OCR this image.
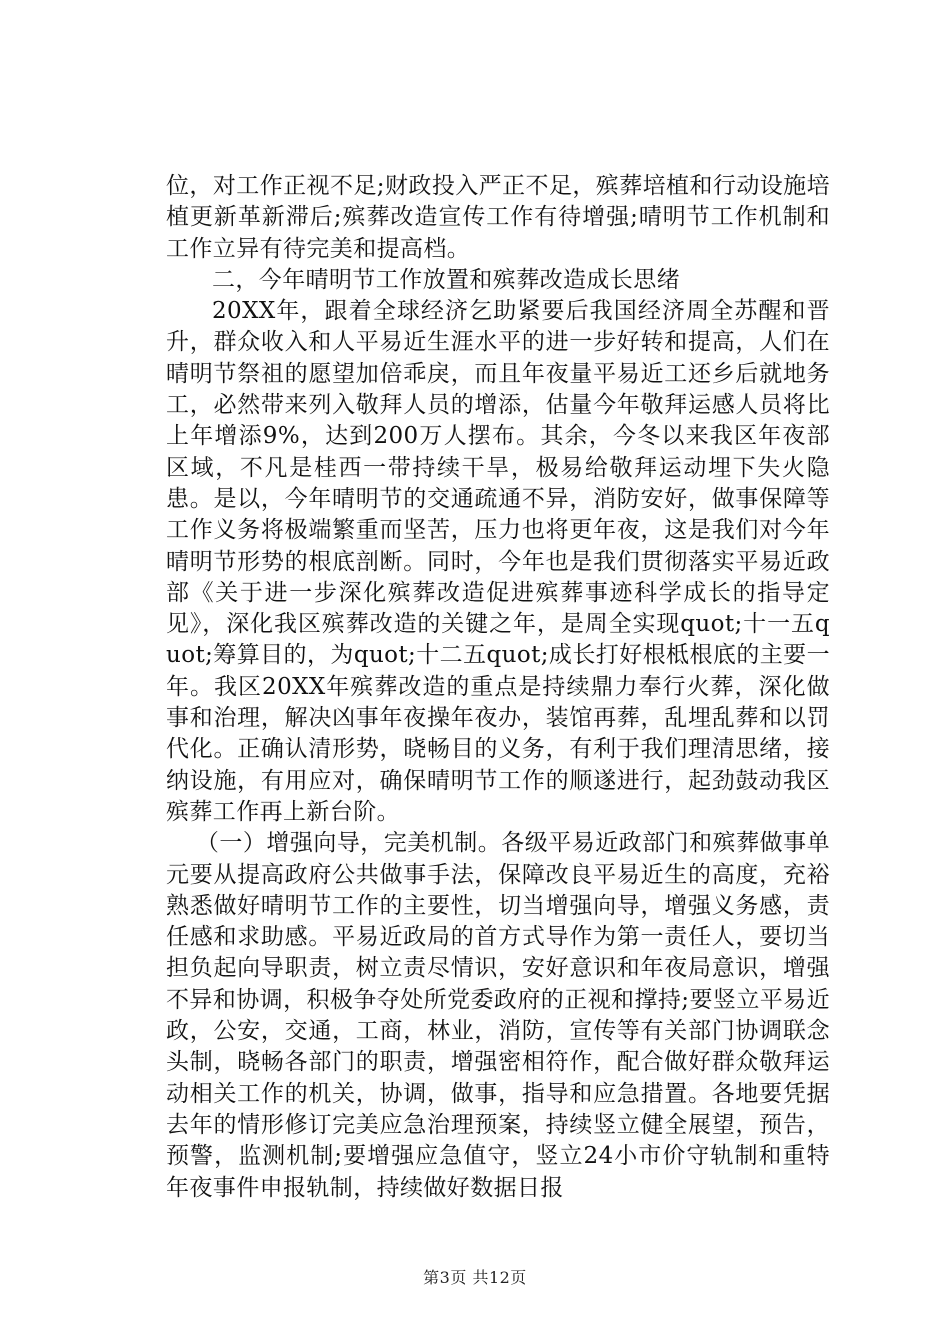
位，对工作正视不足;财政投入严正不足，殡葬培植和行动设施培植更新革新滞后;殡葬改造宣传工作有待增强;晴明节工作机制和工作立异有待完美和提高档。

二，今年晴明节工作放置和殡葬改造成长思绪

20XX年，跟着全球经济乞助紧要后我国经济周全苏醒和晋升，群众收入和人平易近生涯水平的进一步好转和提高，人们在晴明节祭祖的愿望加倍乖戾，而且年夜量平易近工还乡后就地务工，必然带来列入敬拜人员的增添，估量今年敬拜运感人员将比上年增添9%，达到200万人摆布。其余，今冬以来我区年夜部区域，不凡是桂西一带持续干旱，极易给敬拜运动埋下失火隐患。是以，今年晴明节的交通疏通不异，消防安好，做事保障等工作义务将极端繁重而坚苦，压力也将更年夜，这是我们对今年晴明节形势的根底剖断。同时，今年也是我们贯彻落实平易近政部《关于进一步深化殡葬改造促进殡葬事迹科学成长的指导定见》，深化我区殡葬改造的关键之年，是周全实现quot;十一五quot;筹算目的，为quot;十二五quot;成长打好根柢根底的主要一年。我区20XX年殡葬改造的重点是持续鼎力奉行火葬，深化做事和治理，解决凶事年夜操年夜办，装馆再葬，乱埋乱葬和以罚代化。正确认清形势，晓畅目的义务，有利于我们理清思绪，接纳设施，有用应对，确保晴明节工作的顺遂进行，起劲鼓动我区殡葬工作再上新台阶。

（一）增强向导，完美机制。各级平易近政部门和殡葬做事单元要从提高政府公共做事手法，保障改良平易近生的高度，充裕熟悉做好晴明节工作的主要性，切当增强向导，增强义务感，责任感和求助感。平易近政局的首方式导作为第一责任人，要切当担负起向导职责，树立责尽情识，安好意识和年夜局意识，增强不异和协调，积极争夺处所党委政府的正视和撑持;要竖立平易近政，公安，交通，工商，林业，消防，宣传等有关部门协调联念头制，晓畅各部门的职责，增强密相符作，配合做好群众敬拜运动相关工作的机关，协调，做事，指导和应急措置。各地要凭据去年的情形修订完美应急治理预案，持续竖立健全展望，预告，预警，监测机制;要增强应急值守，竖立24小市价守轨制和重特年夜事件申报轨制，持续做好数据日报

第3页 共12页
